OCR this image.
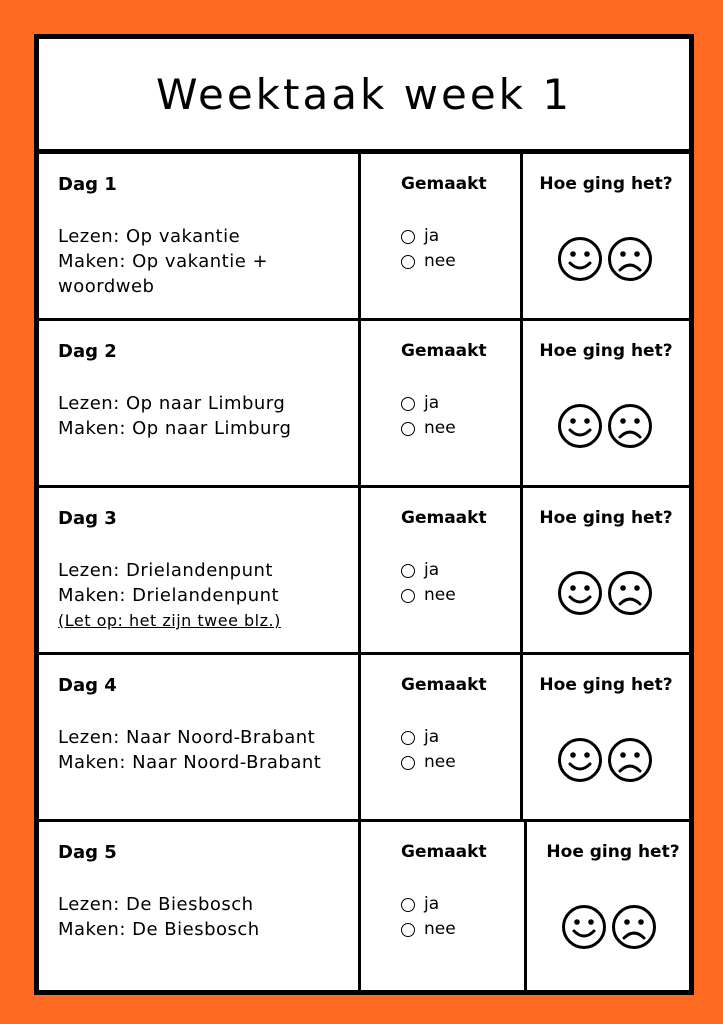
Weektaak week 1
Dag 1
Lezen: Op vakantie
Maken: Op vakantie +
woordweb
Gemaakt
ja
nee
Hoe ging het?
Dag 2
Lezen: Op naar Limburg
Maken: Op naar Limburg
Gemaakt
ja
nee
Hoe ging het?
Dag 3
Lezen: Drielandenpunt
Maken: Drielandenpunt
(Let op: het zijn twee blz.)
Gemaakt
ja
nee
Hoe ging het?
Dag 4
Lezen: Naar Noord-Brabant
Maken: Naar Noord-Brabant
Gemaakt
ja
nee
Hoe ging het?
Dag 5
Lezen: De Biesbosch
Maken: De Biesbosch
Gemaakt
ja
nee
Hoe ging het?
